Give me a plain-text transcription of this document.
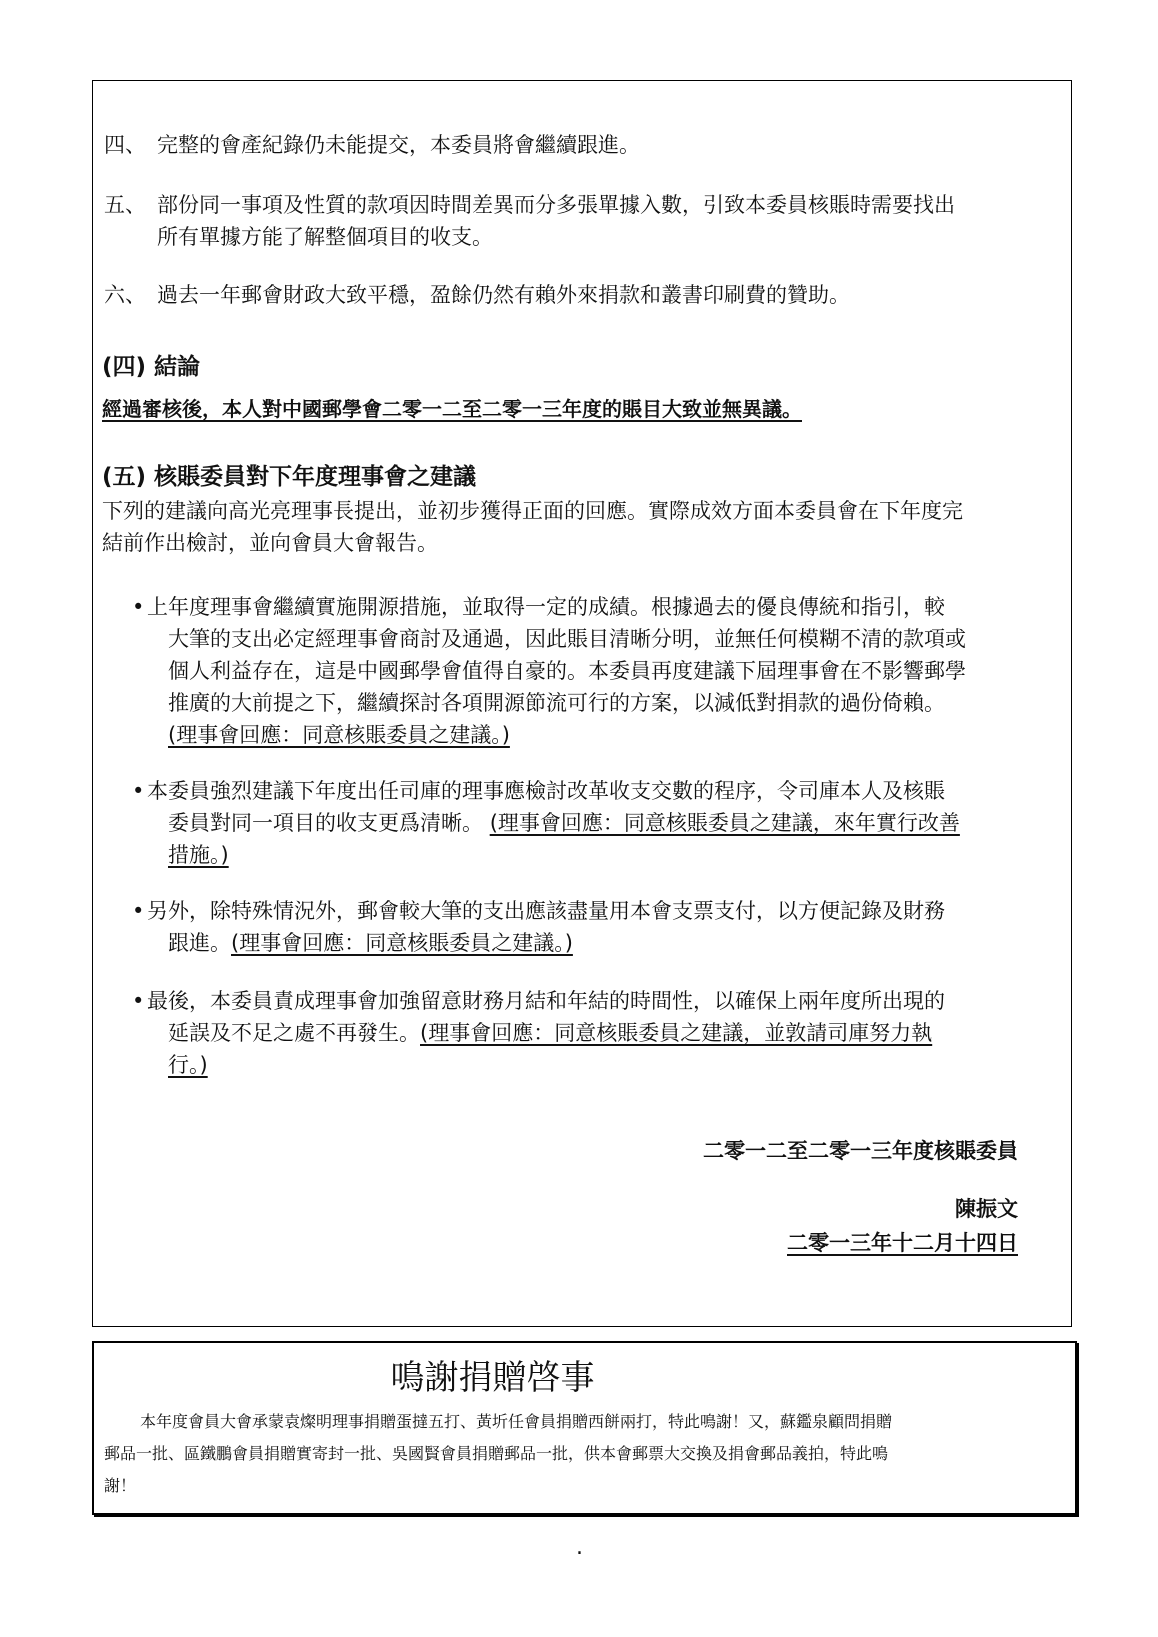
四、 完整的會產紀錄仍未能提交，本委員將會繼續跟進。
五、 部份同一事項及性質的款項因時間差異而分多張單據入數，引致本委員核賬時需要找出
所有單據方能了解整個項目的收支。
六、 過去一年郵會財政大致平穩，盈餘仍然有賴外來捐款和叢書印刷費的贊助。
(四) 結論
經過審核後，本人對中國郵學會二零一二至二零一三年度的賬目大致並無異議。
(五) 核賬委員對下年度理事會之建議
下列的建議向高光亮理事長提出，並初步獲得正面的回應。實際成效方面本委員會在下年度完
結前作出檢討，並向會員大會報告。
• 上年度理事會繼續實施開源措施，並取得一定的成績。根據過去的優良傳統和指引，較
大筆的支出必定經理事會商討及通過，因此賬目清晰分明，並無任何模糊不清的款項或
個人利益存在，這是中國郵學會值得自豪的。本委員再度建議下屆理事會在不影響郵學
推廣的大前提之下，繼續探討各項開源節流可行的方案，以減低對捐款的過份倚賴。
(理事會回應：同意核賬委員之建議。)
• 本委員強烈建議下年度出任司庫的理事應檢討改革收支交數的程序，令司庫本人及核賬
委員對同一項目的收支更爲清晰。 (理事會回應：同意核賬委員之建議，來年實行改善
措施。)
• 另外，除特殊情況外，郵會較大筆的支出應該盡量用本會支票支付，以方便記錄及財務
跟進。(理事會回應：同意核賬委員之建議。)
• 最後，本委員責成理事會加強留意財務月結和年結的時間性，以確保上兩年度所出現的
延誤及不足之處不再發生。(理事會回應：同意核賬委員之建議，並敦請司庫努力執
行。)
二零一二至二零一三年度核賬委員
陳振文
二零一三年十二月十四日
鳴謝捐贈啓事
本年度會員大會承蒙袁燦明理事捐贈蛋撻五打、黃圻任會員捐贈西餅兩打，特此鳴謝！又，蘇鑑泉顧問捐贈
郵品一批、區鐵鵬會員捐贈實寄封一批、吳國賢會員捐贈郵品一批，供本會郵票大交換及捐會郵品義拍，特此鳴
謝！
.
